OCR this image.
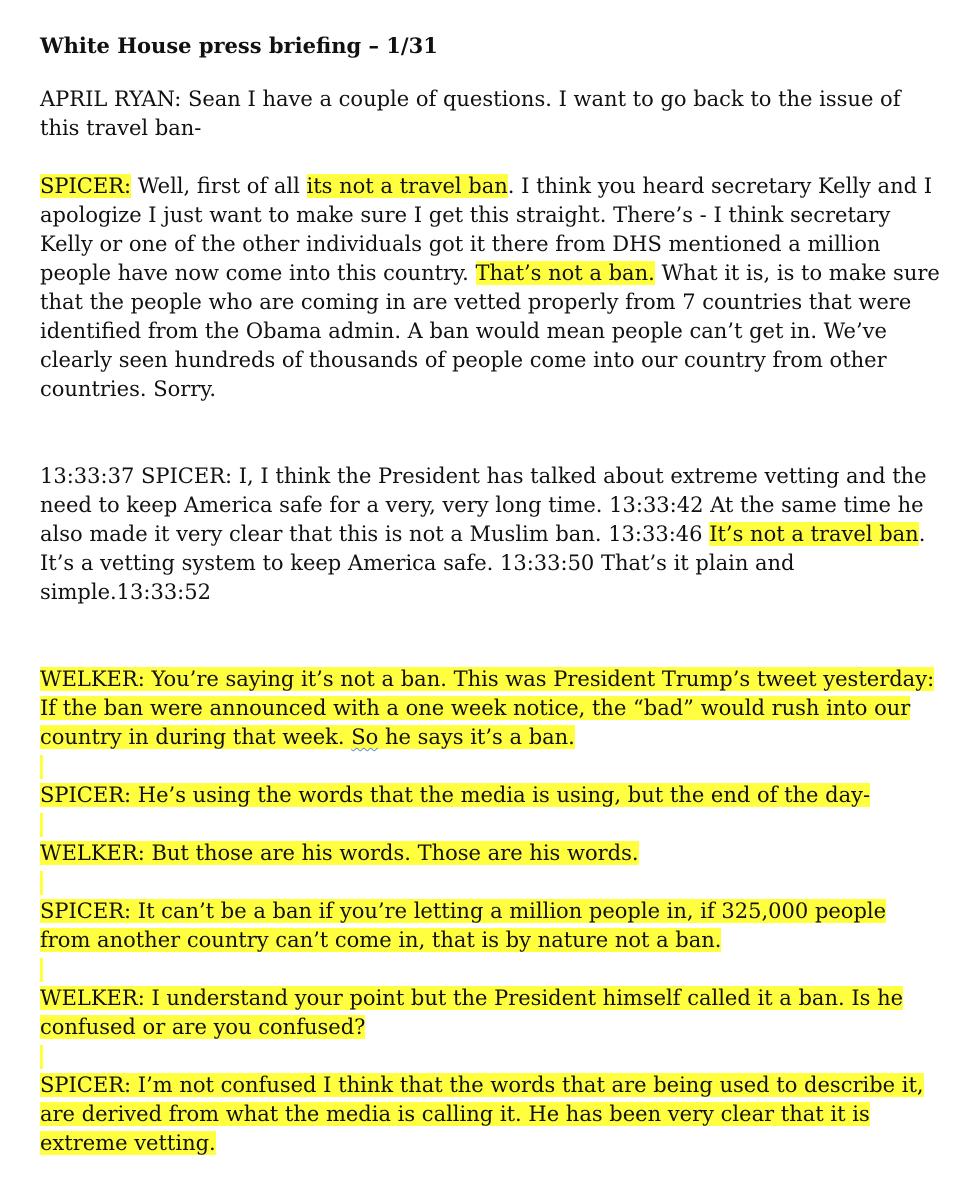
White House press briefing – 1/31

APRIL RYAN: Sean I have a couple of questions. I want to go back to the issue of this travel ban-

SPICER: Well, first of all its not a travel ban. I think you heard secretary Kelly and I apologize I just want to make sure I get this straight. There’s - I think secretary Kelly or one of the other individuals got it there from DHS mentioned a million people have now come into this country. That’s not a ban. What it is, is to make sure that the people who are coming in are vetted properly from 7 countries that were identified from the Obama admin. A ban would mean people can’t get in. We’ve clearly seen hundreds of thousands of people come into our country from other countries. Sorry.

13:33:37 SPICER: I, I think the President has talked about extreme vetting and the need to keep America safe for a very, very long time. 13:33:42 At the same time he also made it very clear that this is not a Muslim ban. 13:33:46 It’s not a travel ban. It’s a vetting system to keep America safe. 13:33:50 That’s it plain and simple.13:33:52

WELKER: You’re saying it’s not a ban. This was President Trump’s tweet yesterday: If the ban were announced with a one week notice, the “bad” would rush into our country in during that week. So he says it’s a ban.

SPICER: He’s using the words that the media is using, but the end of the day-

WELKER: But those are his words. Those are his words.

SPICER: It can’t be a ban if you’re letting a million people in, if 325,000 people from another country can’t come in, that is by nature not a ban.

WELKER: I understand your point but the President himself called it a ban. Is he confused or are you confused?

SPICER: I’m not confused I think that the words that are being used to describe it, are derived from what the media is calling it. He has been very clear that it is extreme vetting.
